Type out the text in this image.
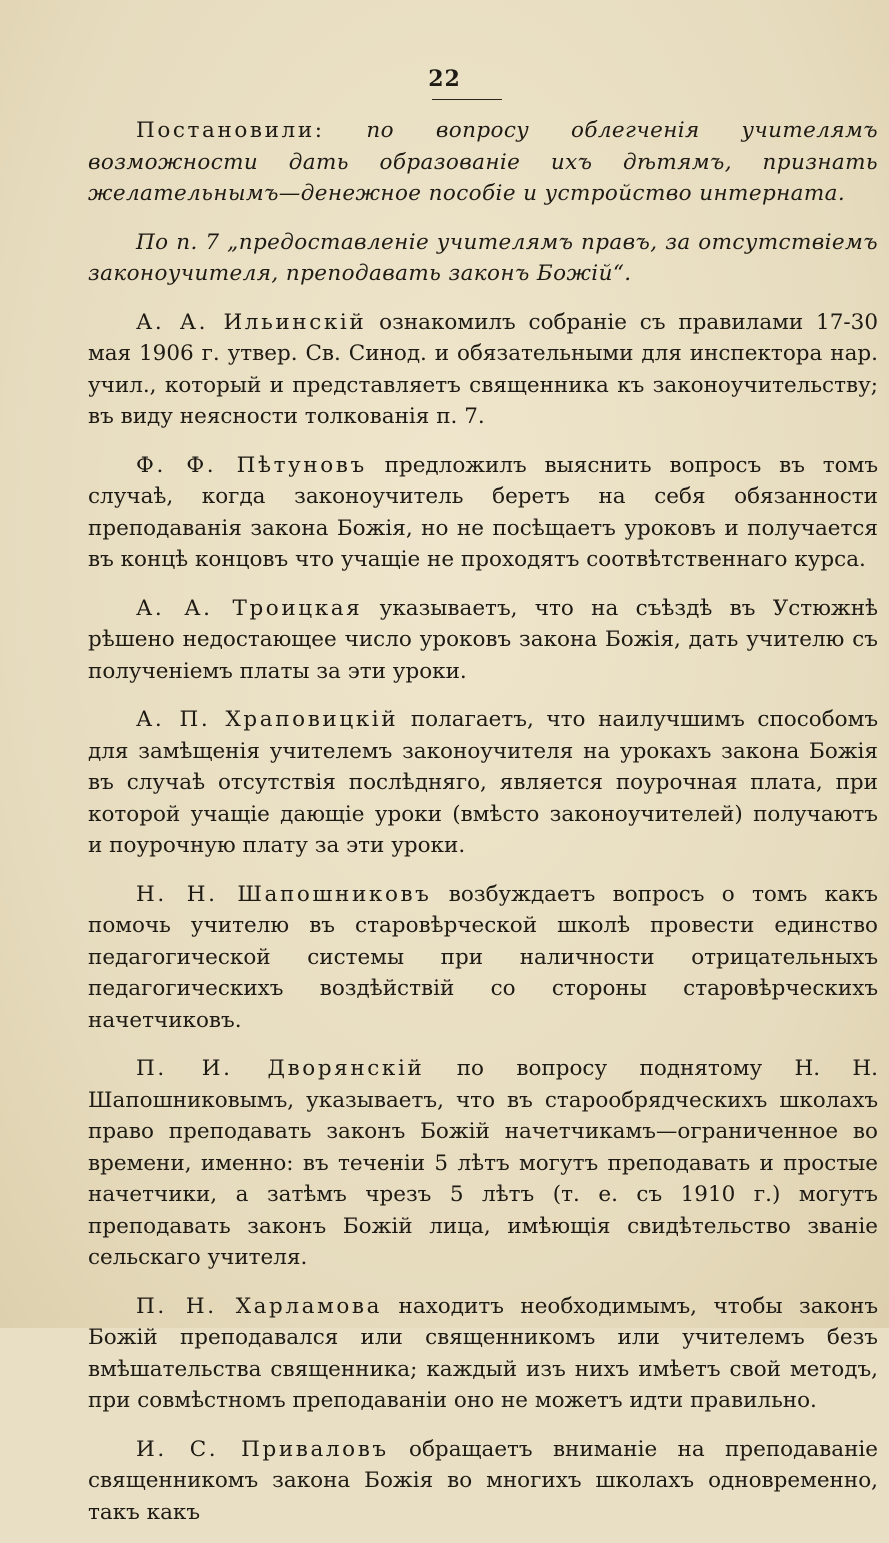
22

Постановили: по вопросу облегченія учителямъ возможности дать образованіе ихъ дѣтямъ, признать желательнымъ—денежное пособіе и устройство интерната.

По п. 7 „предоставленіе учителямъ правъ, за отсутствіемъ законоучителя, преподавать законъ Божій“.

А. А. Ильинскій ознакомилъ собраніе съ правилами 17-30 мая 1906 г. утвер. Св. Синод. и обязательными для инспектора нар. учил., который и представляетъ священника къ законоучительству; въ виду неясности толкованія п. 7.

Ф. Ф. Пѣтуновъ предложилъ выяснить вопросъ въ томъ случаѣ, когда законоучитель беретъ на себя обязанности преподаванія закона Божія, но не посѣщаетъ уроковъ и получается въ концѣ концовъ что учащіе не проходятъ соотвѣтственнаго курса.

А. А. Троицкая указываетъ, что на съѣздѣ въ Устюжнѣ рѣшено недостающее число уроковъ закона Божія, дать учителю съ полученіемъ платы за эти уроки.

А. П. Храповицкій полагаетъ, что наилучшимъ способомъ для замѣщенія учителемъ законоучителя на урокахъ закона Божія въ случаѣ отсутствія послѣдняго, является поурочная плата, при которой учащіе дающіе уроки (вмѣсто законоучителей) получаютъ и поурочную плату за эти уроки.

Н. Н. Шапошниковъ возбуждаетъ вопросъ о томъ какъ помочь учителю въ старовѣрческой школѣ провести единство педагогической системы при наличности отрицательныхъ педагогическихъ воздѣйствій со стороны старовѣрческихъ начетчиковъ.

П. И. Дворянскій по вопросу поднятому Н. Н. Шапошниковымъ, указываетъ, что въ старообрядческихъ школахъ право преподавать законъ Божій начетчикамъ—ограниченное во времени, именно: въ теченіи 5 лѣтъ могутъ преподавать и простые начетчики, а затѣмъ чрезъ 5 лѣтъ (т. е. съ 1910 г.) могутъ преподавать законъ Божій лица, имѣющія свидѣтельство званіе сельскаго учителя.

П. Н. Харламова находитъ необходимымъ, чтобы законъ Божій преподавался или священникомъ или учителемъ безъ вмѣшательства священника; каждый изъ нихъ имѣетъ свой методъ, при совмѣстномъ преподаваніи оно не можетъ идти правильно.

И. С. Приваловъ обращаетъ вниманіе на преподаваніе священникомъ закона Божія во многихъ школахъ одновременно, такъ какъ
